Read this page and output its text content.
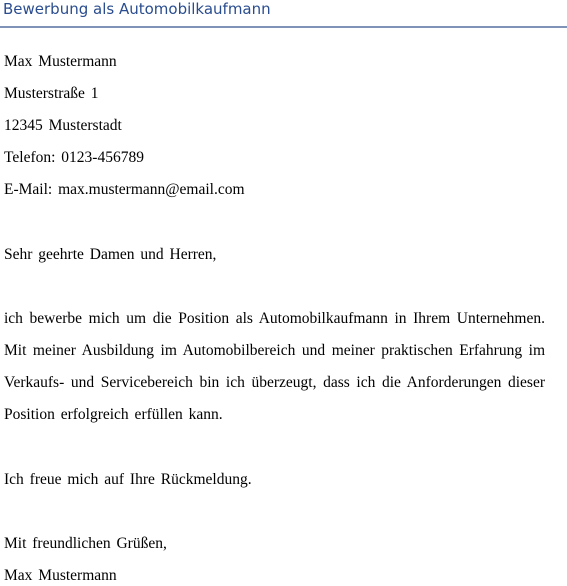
Bewerbung als Automobilkaufmann
Max Mustermann
Musterstraße 1
12345 Musterstadt
Telefon: 0123-456789
E-Mail: max.mustermann@email.com
Sehr geehrte Damen und Herren,
ich bewerbe mich um die Position als Automobilkaufmann in Ihrem Unternehmen.
Mit meiner Ausbildung im Automobilbereich und meiner praktischen Erfahrung im
Verkaufs- und Servicebereich bin ich überzeugt, dass ich die Anforderungen dieser
Position erfolgreich erfüllen kann.
Ich freue mich auf Ihre Rückmeldung.
Mit freundlichen Grüßen,
Max Mustermann
